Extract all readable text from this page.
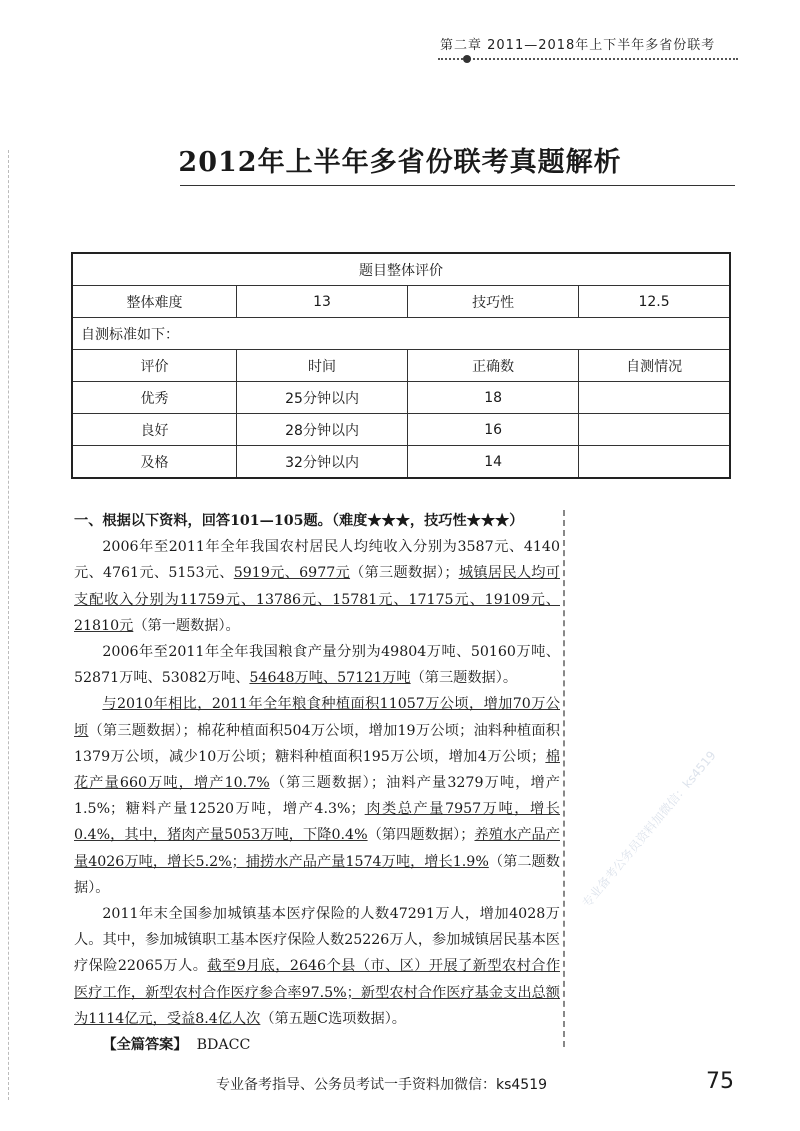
第二章 2011—2018年上下半年多省份联考
2012年上半年多省份联考真题解析
题目整体评价			
整体难度	13	技巧性	12.5
自测标准如下：			
评价	时间	正确数	自测情况
优秀	25分钟以内	18	
良好	28分钟以内	16	
及格	32分钟以内	14	

一、根据以下资料，回答101—105题。（难度★★★，技巧性★★★）

2006年至2011年全年我国农村居民人均纯收入分别为3587元、4140元、4761元、5153元、5919元、6977元（第三题数据）；城镇居民人均可支配收入分别为11759元、13786元、15781元、17175元、19109元、21810元（第一题数据）。

2006年至2011年全年我国粮食产量分别为49804万吨、50160万吨、52871万吨、53082万吨、54648万吨、57121万吨（第三题数据）。

与2010年相比，2011年全年粮食种植面积11057万公顷，增加70万公顷（第三题数据）；棉花种植面积504万公顷，增加19万公顷；油料种植面积1379万公顷，减少10万公顷；糖料种植面积195万公顷，增加4万公顷；棉花产量660万吨，增产10.7%（第三题数据）；油料产量3279万吨，增产1.5%；糖料产量12520万吨，增产4.3%；肉类总产量7957万吨，增长0.4%，其中，猪肉产量5053万吨，下降0.4%（第四题数据）；养殖水产品产量4026万吨，增长5.2%；捕捞水产品产量1574万吨，增长1.9%（第二题数据）。

2011年末全国参加城镇基本医疗保险的人数47291万人，增加4028万人。其中，参加城镇职工基本医疗保险人数25226万人，参加城镇居民基本医疗保险22065万人。截至9月底，2646个县（市、区）开展了新型农村合作医疗工作，新型农村合作医疗参合率97.5%；新型农村合作医疗基金支出总额为1114亿元，受益8.4亿人次（第五题C选项数据）。

【全篇答案】 BDACC

专业备考公务员资料加微信：ks4519
专业备考指导、公务员考试一手资料加微信：ks4519	75
